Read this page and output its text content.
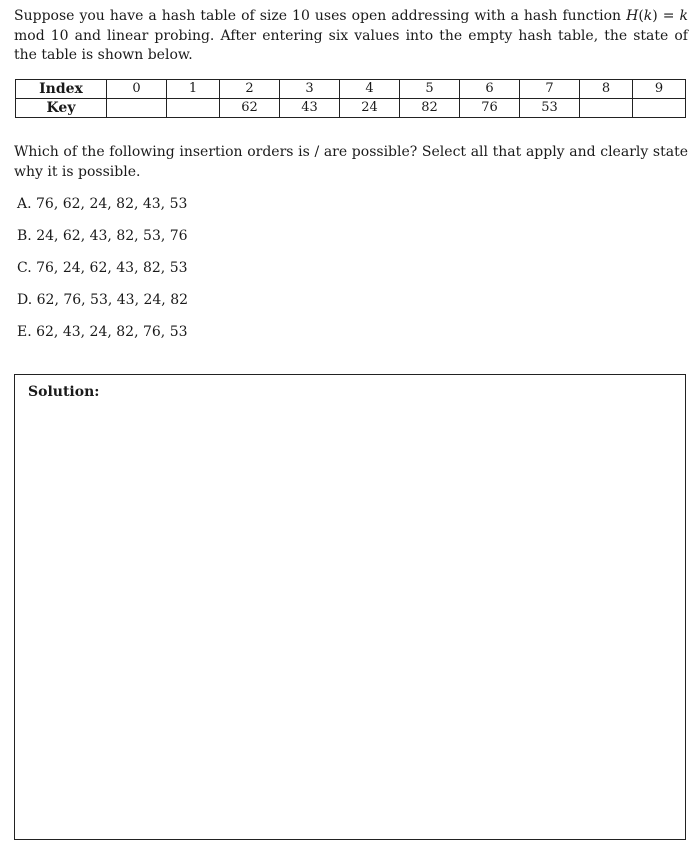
Suppose you have a hash table of size 10 uses open addressing with a hash function H(k) = k mod 10 and linear probing. After entering six values into the empty hash table, the state of the table is shown below.
Index	0	1	2	3	4	5	6	7	8	9
Key			62	43	24	82	76	53		
Which of the following insertion orders is / are possible? Select all that apply and clearly state why it is possible.
A. 76, 62, 24, 82, 43, 53
B. 24, 62, 43, 82, 53, 76
C. 76, 24, 62, 43, 82, 53
D. 62, 76, 53, 43, 24, 82
E. 62, 43, 24, 82, 76, 53
Solution:
